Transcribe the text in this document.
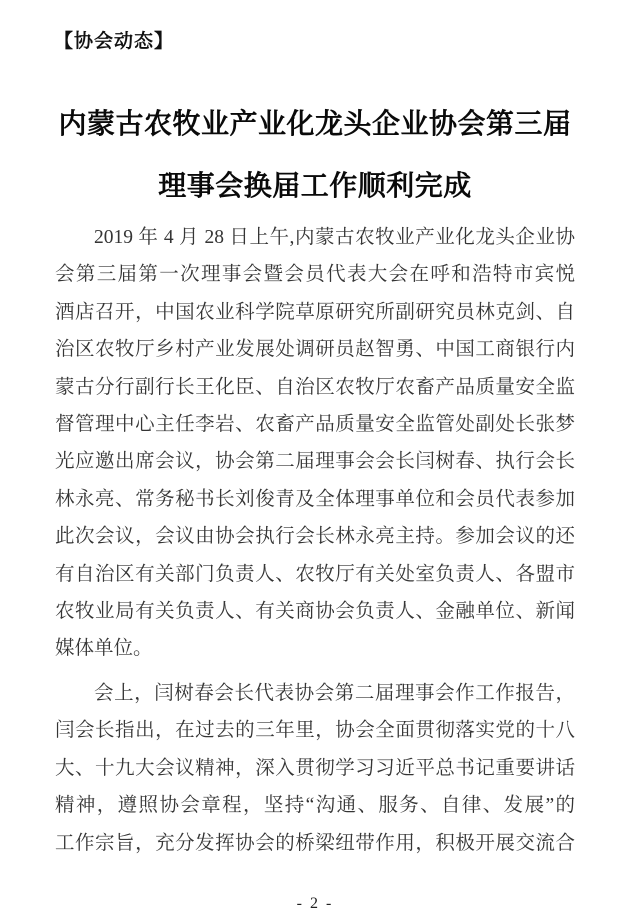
【协会动态】
内蒙古农牧业产业化龙头企业协会第三届
理事会换届工作顺利完成
2019 年 4 月 28 日上午,内蒙古农牧业产业化龙头企业协
会第三届第一次理事会暨会员代表大会在呼和浩特市宾悦
酒店召开，中国农业科学院草原研究所副研究员林克剑、自
治区农牧厅乡村产业发展处调研员赵智勇、中国工商银行内
蒙古分行副行长王化臣、自治区农牧厅农畜产品质量安全监
督管理中心主任李岩、农畜产品质量安全监管处副处长张梦
光应邀出席会议，协会第二届理事会会长闫树春、执行会长
林永亮、常务秘书长刘俊青及全体理事单位和会员代表参加
此次会议，会议由协会执行会长林永亮主持。参加会议的还
有自治区有关部门负责人、农牧厅有关处室负责人、各盟市
农牧业局有关负责人、有关商协会负责人、金融单位、新闻
媒体单位。
会上，闫树春会长代表协会第二届理事会作工作报告，
闫会长指出，在过去的三年里，协会全面贯彻落实党的十八
大、十九大会议精神，深入贯彻学习习近平总书记重要讲话
精神，遵照协会章程，坚持“沟通、服务、自律、发展”的
工作宗旨，充分发挥协会的桥梁纽带作用，积极开展交流合
- 2 -
